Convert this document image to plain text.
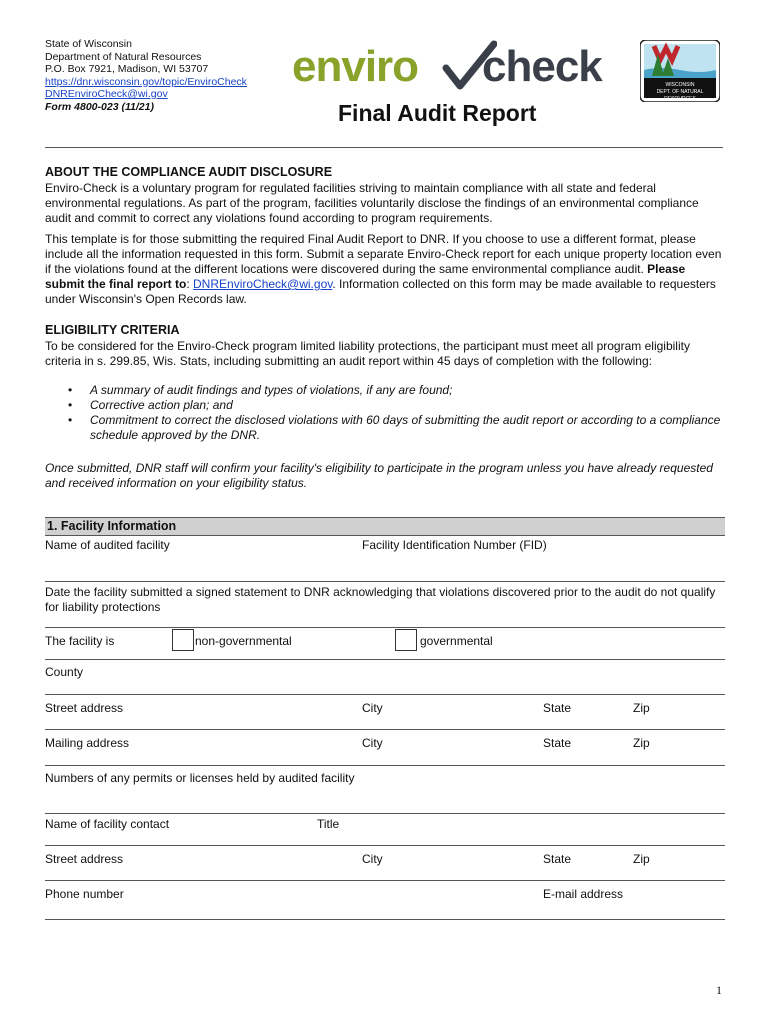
State of Wisconsin
Department of Natural Resources
P.O. Box 7921, Madison, WI 53707
https://dnr.wisconsin.gov/topic/EnviroCheck
DNREnviroCheck@wi.gov
Form 4800-023 (11/21)
enviro check	WISCONSIN
DEPT. OF NATURAL RESOURCES
Final Audit Report
ABOUT THE COMPLIANCE AUDIT DISCLOSURE
Enviro-Check is a voluntary program for regulated facilities striving to maintain compliance with all state and federal environmental regulations. As part of the program, facilities voluntarily disclose the findings of an environmental compliance audit and commit to correct any violations found according to program requirements.
This template is for those submitting the required Final Audit Report to DNR. If you choose to use a different format, please include all the information requested in this form. Submit a separate Enviro-Check report for each unique property location even if the violations found at the different locations were discovered during the same environmental compliance audit. Please submit the final report to: DNREnviroCheck@wi.gov. Information collected on this form may be made available to requesters under Wisconsin's Open Records law.
ELIGIBILITY CRITERIA
To be considered for the Enviro-Check program limited liability protections, the participant must meet all program eligibility criteria in s. 299.85, Wis. Stats, including submitting an audit report within 45 days of completion with the following:
• A summary of audit findings and types of violations, if any are found;
• Corrective action plan; and
• Commitment to correct the disclosed violations with 60 days of submitting the audit report or according to a compliance schedule approved by the DNR.
Once submitted, DNR staff will confirm your facility's eligibility to participate in the program unless you have already requested and received information on your eligibility status.
1. Facility Information
Name of audited facility	Facility Identification Number (FID)
Date the facility submitted a signed statement to DNR acknowledging that violations discovered prior to the audit do not qualify for liability protections
The facility is	non-governmental	governmental
County
Street address	City	State	Zip
Mailing address	City	State	Zip
Numbers of any permits or licenses held by audited facility
Name of facility contact	Title
Street address	City	State	Zip
Phone number	E-mail address
1
